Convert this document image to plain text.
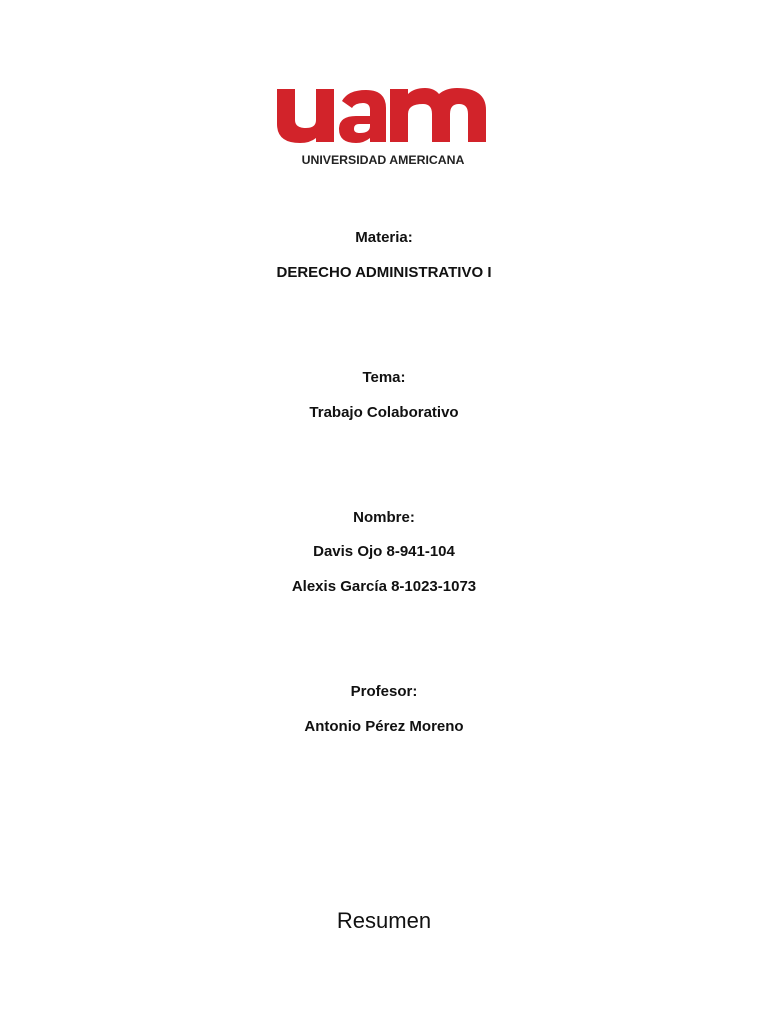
UNIVERSIDAD AMERICANA
Materia:
DERECHO ADMINISTRATIVO I
Tema:
Trabajo Colaborativo
Nombre:
Davis Ojo 8-941-104
Alexis García 8-1023-1073
Profesor:
Antonio Pérez Moreno
Resumen
